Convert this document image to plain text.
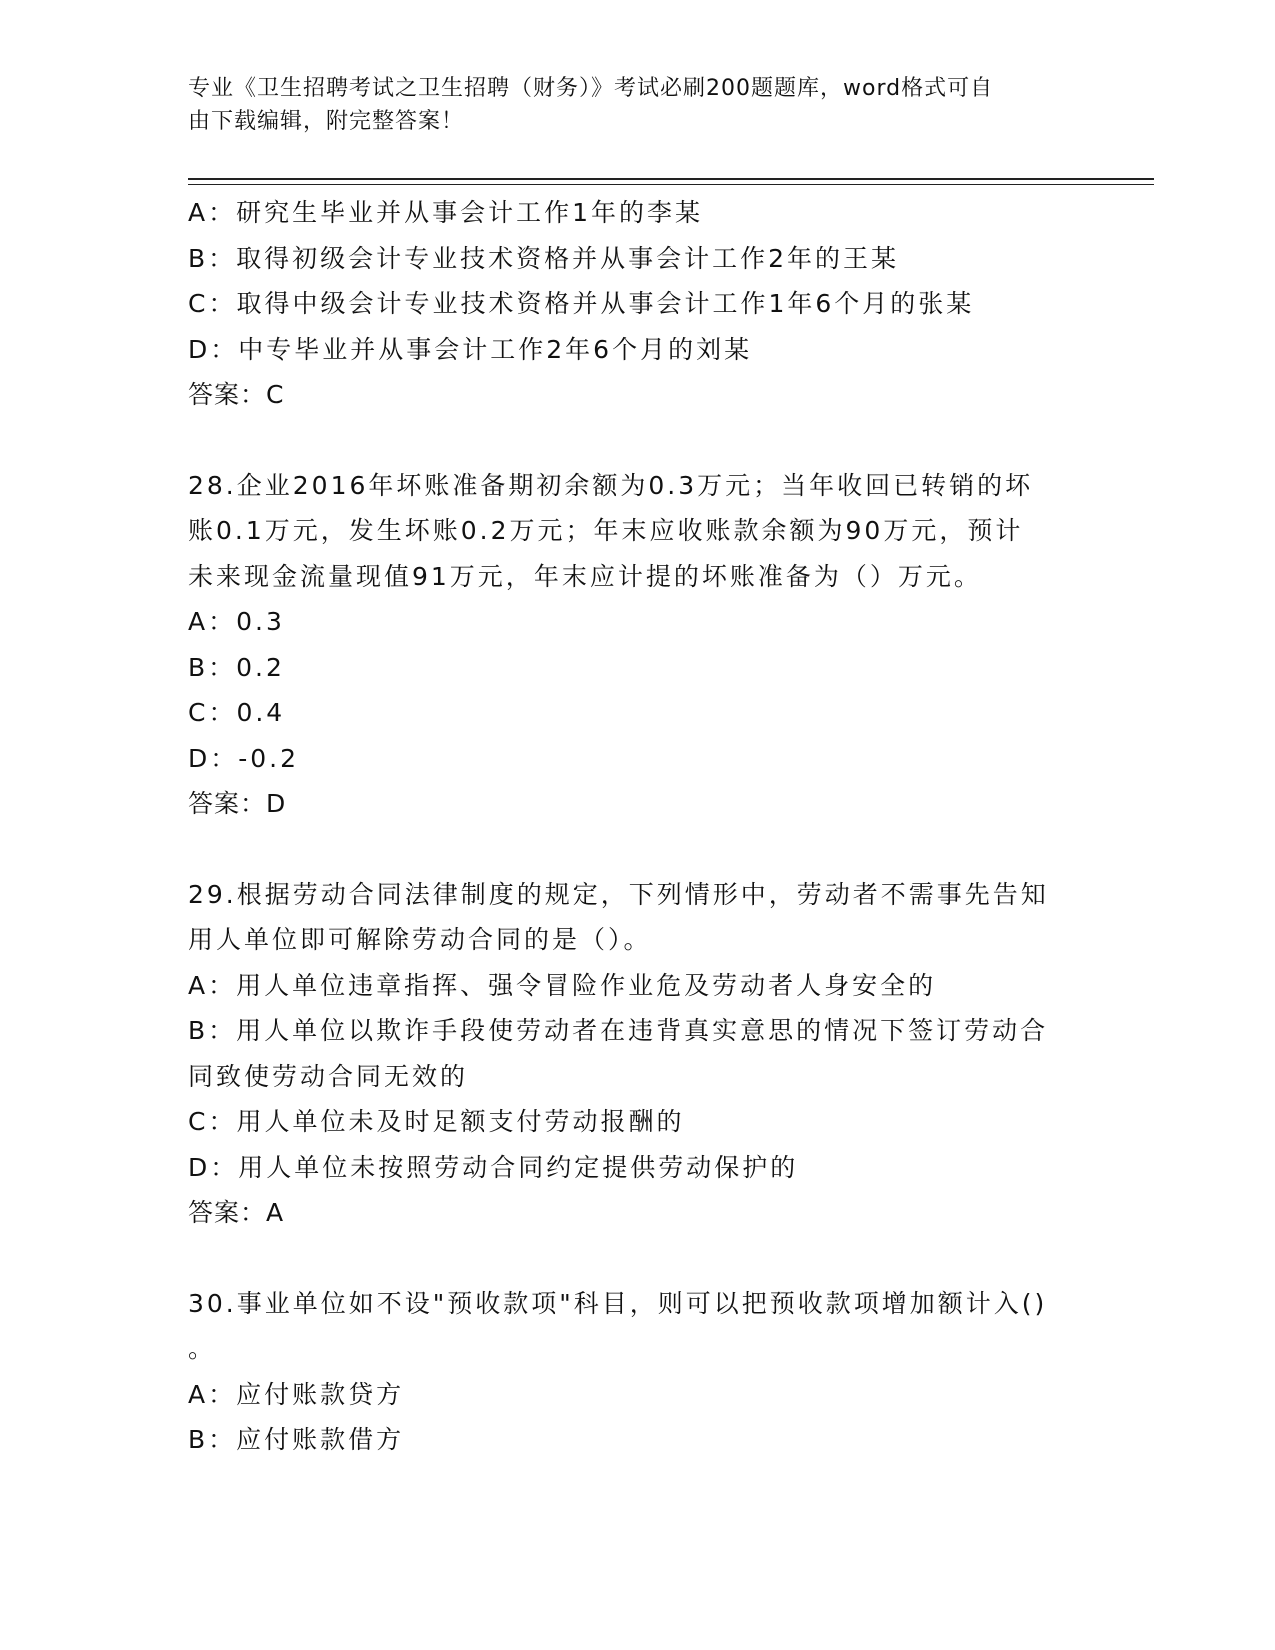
专业《卫生招聘考试之卫生招聘（财务）》考试必刷200题题库，word格式可自
由下载编辑，附完整答案！
A：研究生毕业并从事会计工作1年的李某
B：取得初级会计专业技术资格并从事会计工作2年的王某
C：取得中级会计专业技术资格并从事会计工作1年6个月的张某
D：中专毕业并从事会计工作2年6个月的刘某
答案：C
28.企业2016年坏账准备期初余额为0.3万元；当年收回已转销的坏
账0.1万元，发生坏账0.2万元；年末应收账款余额为90万元，预计
未来现金流量现值91万元，年末应计提的坏账准备为（）万元。
A：0.3
B：0.2
C：0.4
D：-0.2
答案：D
29.根据劳动合同法律制度的规定，下列情形中，劳动者不需事先告知
用人单位即可解除劳动合同的是（）。
A：用人单位违章指挥、强令冒险作业危及劳动者人身安全的
B：用人单位以欺诈手段使劳动者在违背真实意思的情况下签订劳动合
同致使劳动合同无效的
C：用人单位未及时足额支付劳动报酬的
D：用人单位未按照劳动合同约定提供劳动保护的
答案：A
30.事业单位如不设"预收款项"科目，则可以把预收款项增加额计入()
。
A：应付账款贷方
B：应付账款借方
